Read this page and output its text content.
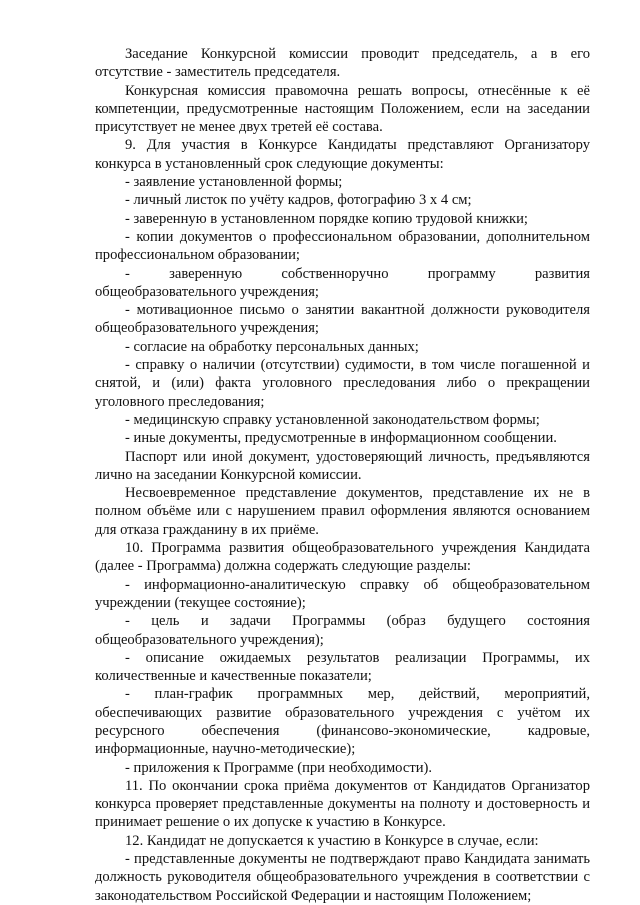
Заседание Конкурсной комиссии проводит председатель, а в его отсутствие - заместитель председателя.

Конкурсная комиссия правомочна решать вопросы, отнесённые к её компетенции, предусмотренные настоящим Положением, если на заседании присутствует не менее двух третей её состава.

9. Для участия в Конкурсе Кандидаты представляют Организатору конкурса в установленный срок следующие документы:

- заявление установленной формы;

- личный листок по учёту кадров, фотографию 3 х 4 см;

- заверенную в установленном порядке копию трудовой книжки;

- копии документов о профессиональном образовании, дополнительном профессиональном образовании;

- заверенную собственноручно программу развития общеобразовательного учреждения;

- мотивационное письмо о занятии вакантной должности руководителя общеобразовательного учреждения;

- согласие на обработку персональных данных;

- справку о наличии (отсутствии) судимости, в том числе погашенной и снятой, и (или) факта уголовного преследования либо о прекращении уголовного преследования;

- медицинскую справку установленной законодательством формы;

- иные документы, предусмотренные в информационном сообщении.

Паспорт или иной документ, удостоверяющий личность, предъявляются лично на заседании Конкурсной комиссии.

Несвоевременное представление документов, представление их не в полном объёме или с нарушением правил оформления являются основанием для отказа гражданину в их приёме.

10. Программа развития общеобразовательного учреждения Кандидата (далее - Программа) должна содержать следующие разделы:

- информационно-аналитическую справку об общеобразовательном учреждении (текущее состояние);

- цель и задачи Программы (образ будущего состояния общеобразовательного учреждения);

- описание ожидаемых результатов реализации Программы, их количественные и качественные показатели;

- план-график программных мер, действий, мероприятий, обеспечивающих развитие образовательного учреждения с учётом их ресурсного обеспечения (финансово-экономические, кадровые, информационные, научно-методические);

- приложения к Программе (при необходимости).

11. По окончании срока приёма документов от Кандидатов Организатор конкурса проверяет представленные документы на полноту и достоверность и принимает решение о их допуске к участию в Конкурсе.

12. Кандидат не допускается к участию в Конкурсе в случае, если:

- представленные документы не подтверждают право Кандидата занимать должность руководителя общеобразовательного учреждения в соответствии с законодательством Российской Федерации и настоящим Положением;
